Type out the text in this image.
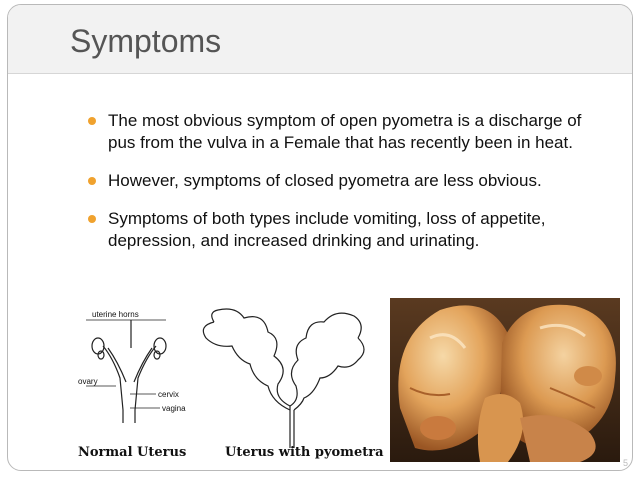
Symptoms
The most obvious symptom of open pyometra is a discharge of pus from the vulva in a Female that has recently been in heat.
However, symptoms of closed pyometra are less obvious.
Symptoms of both types include vomiting, loss of appetite, depression, and increased drinking and urinating.
uterine horns
ovary
cervix
vagina
Normal Uterus	Uterus with pyometra
5
